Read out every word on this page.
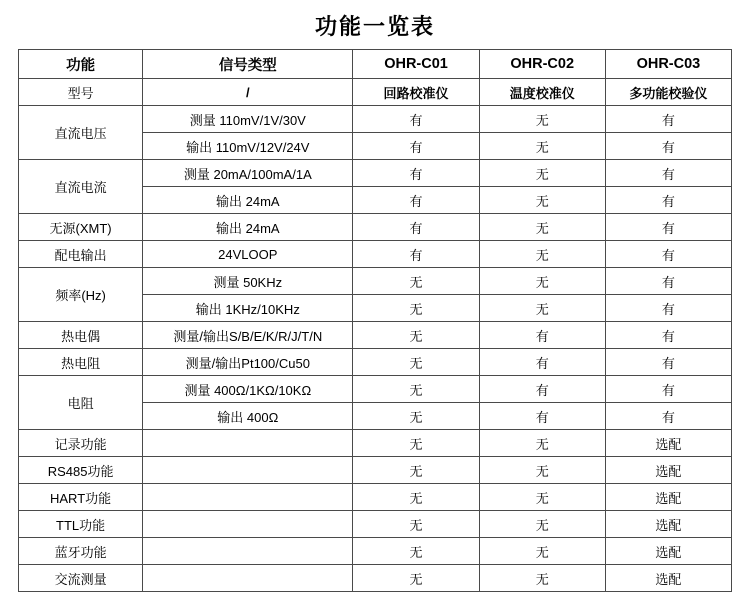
功能一览表
功能	信号类型	OHR-C01	OHR-C02	OHR-C03
型号	/	回路校准仪	温度校准仪	多功能校验仪
直流电压	测量 110mV/1V/30V	有	无	有
	输出 110mV/12V/24V	有	无	有
直流电流	测量 20mA/100mA/1A	有	无	有
	输出 24mA	有	无	有
无源(XMT)	输出 24mA	有	无	有
配电输出	24VLOOP	有	无	有
频率(Hz)	测量 50KHz	无	无	有
	输出 1KHz/10KHz	无	无	有
热电偶	测量/输出S/B/E/K/R/J/T/N	无	有	有
热电阻	测量/输出Pt100/Cu50	无	有	有
电阻	测量 400Ω/1KΩ/10KΩ	无	有	有
	输出 400Ω	无	有	有
记录功能		无	无	选配
RS485功能		无	无	选配
HART功能		无	无	选配
TTL功能		无	无	选配
蓝牙功能		无	无	选配
交流测量		无	无	选配
